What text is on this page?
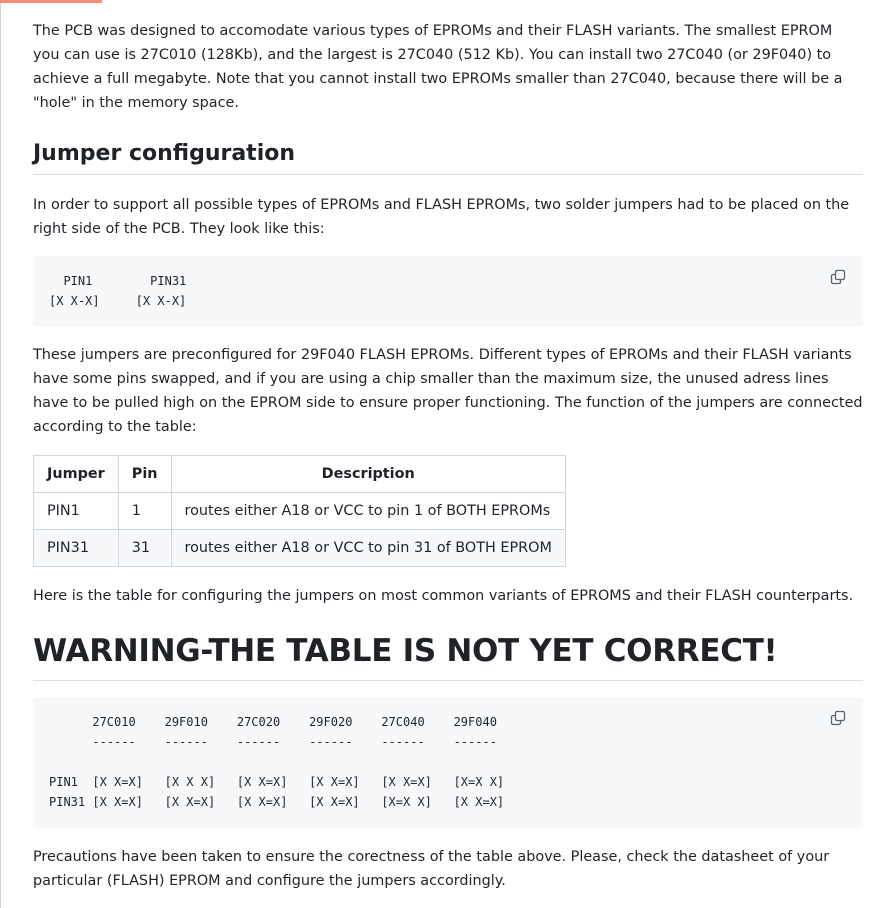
The PCB was designed to accomodate various types of EPROMs and their FLASH variants. The smallest EPROM you can use is 27C010 (128Kb), and the largest is 27C040 (512 Kb). You can install two 27C040 (or 29F040) to achieve a full megabyte. Note that you cannot install two EPROMs smaller than 27C040, because there will be a "hole" in the memory space.

Jumper configuration

In order to support all possible types of EPROMs and FLASH EPROMs, two solder jumpers had to be placed on the right side of the PCB. They look like this:

PIN1        PIN31
[X X-X]     [X X-X]

These jumpers are preconfigured for 29F040 FLASH EPROMs. Different types of EPROMs and their FLASH variants have some pins swapped, and if you are using a chip smaller than the maximum size, the unused adress lines have to be pulled high on the EPROM side to ensure proper functioning. The function of the jumpers are connected according to the table:

Jumper	Pin	Description
PIN1	1	routes either A18 or VCC to pin 1 of BOTH EPROMs
PIN31	31	routes either A18 or VCC to pin 31 of BOTH EPROM

Here is the table for configuring the jumpers on most common variants of EPROMS and their FLASH counterparts.

WARNING-THE TABLE IS NOT YET CORRECT!
27C010    29F010    27C020    29F020    27C040    29F040
------    ------    ------    ------    ------    ------

PIN1  [X X=X]   [X X X]   [X X=X]   [X X=X]   [X X=X]   [X=X X]
PIN31 [X X=X]   [X X=X]   [X X=X]   [X X=X]   [X=X X]   [X X=X]

Precautions have been taken to ensure the corectness of the table above. Please, check the datasheet of your particular (FLASH) EPROM and configure the jumpers accordingly.
